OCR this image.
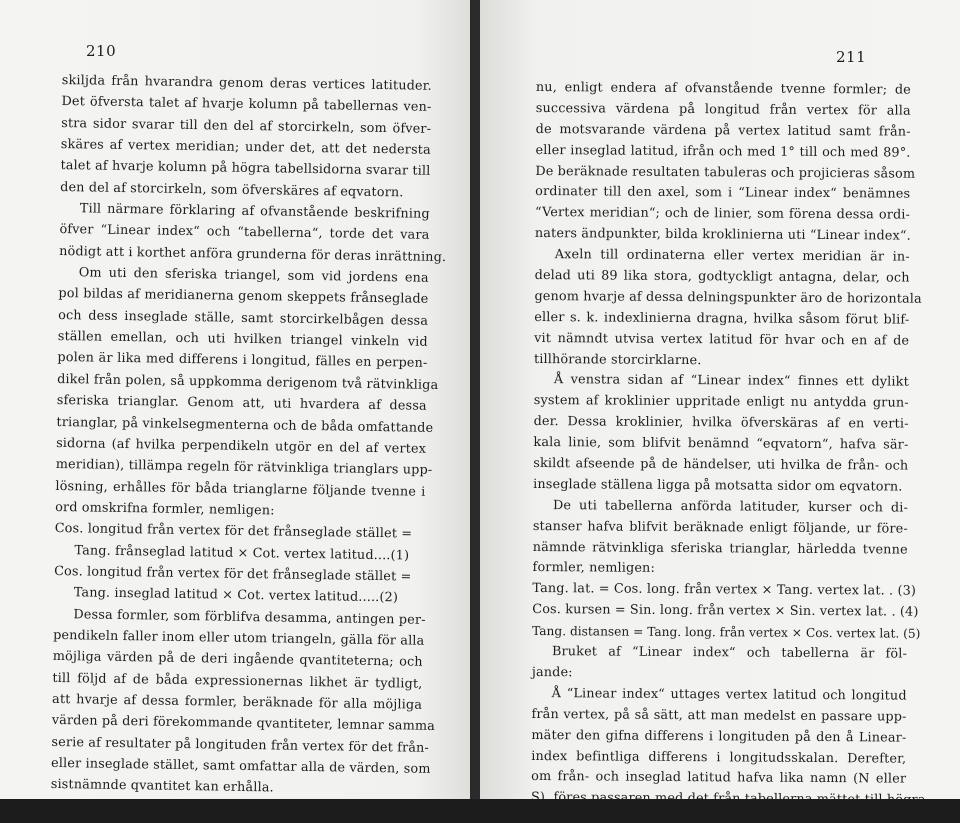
210
skiljda från hvarandra genom deras vertices latituder.
Det öfversta talet af hvarje kolumn på tabellernas ven-
stra sidor svarar till den del af storcirkeln, som öfver-
skäres af vertex meridian; under det, att det nedersta
talet af hvarje kolumn på högra tabellsidorna svarar till
den del af storcirkeln, som öfverskäres af eqvatorn.
Till närmare förklaring af ofvanstående beskrifning
öfver “Linear index“ och “tabellerna“, torde det vara
nödigt att i korthet anföra grunderna för deras inrättning.
Om uti den sferiska triangel, som vid jordens ena
pol bildas af meridianerna genom skeppets frånseglade
och dess inseglade ställe, samt storcirkelbågen dessa
ställen emellan, och uti hvilken triangel vinkeln vid
polen är lika med differens i longitud, fälles en perpen-
dikel från polen, så uppkomma derigenom två rätvinkliga
sferiska trianglar. Genom att, uti hvardera af dessa
trianglar, på vinkelsegmenterna och de båda omfattande
sidorna (af hvilka perpendikeln utgör en del af vertex
meridian), tillämpa regeln för rätvinkliga trianglars upp-
lösning, erhålles för båda trianglarne följande tvenne i
ord omskrifna formler, nemligen:
Cos. longitud från vertex för det frånseglade stället =
Tang. frånseglad latitud × Cot. vertex latitud....(1)
Cos. longitud från vertex för det frånseglade stället =
Tang. inseglad latitud × Cot. vertex latitud.....(2)
Dessa formler, som förblifva desamma, antingen per-
pendikeln faller inom eller utom triangeln, gälla för alla
möjliga värden på de deri ingående qvantiteterna; och
till följd af de båda expressionernas likhet är tydligt,
att hvarje af dessa formler, beräknade för alla möjliga
värden på deri förekommande qvantiteter, lemnar samma
serie af resultater på longituden från vertex för det från-
eller inseglade stället, samt omfattar alla de värden, som
sistnämnde qvantitet kan erhålla.
I och för konstruerandet af “Linear index“, beräknas
211
nu, enligt endera af ofvanstående tvenne formler; de
successiva värdena på longitud från vertex för alla
de motsvarande värdena på vertex latitud samt från-
eller inseglad latitud, ifrån och med 1° till och med 89°.
De beräknade resultaten tabuleras och projicieras såsom
ordinater till den axel, som i “Linear index“ benämnes
“Vertex meridian“; och de linier, som förena dessa ordi-
naters ändpunkter, bilda kroklinierna uti “Linear index“.
Axeln till ordinaterna eller vertex meridian är in-
delad uti 89 lika stora, godtyckligt antagna, delar, och
genom hvarje af dessa delningspunkter äro de horizontala
eller s. k. indexlinierna dragna, hvilka såsom förut blif-
vit nämndt utvisa vertex latitud för hvar och en af de
tillhörande storcirklarne.
Å venstra sidan af “Linear index“ finnes ett dylikt
system af kroklinier uppritade enligt nu antydda grun-
der. Dessa kroklinier, hvilka öfverskäras af en verti-
kala linie, som blifvit benämnd “eqvatorn“, hafva sär-
skildt afseende på de händelser, uti hvilka de från- och
inseglade ställena ligga på motsatta sidor om eqvatorn.
De uti tabellerna anförda latituder, kurser och di-
stanser hafva blifvit beräknade enligt följande, ur före-
nämnde rätvinkliga sferiska trianglar, härledda tvenne
formler, nemligen:
Tang. lat. = Cos. long. från vertex × Tang. vertex lat. . (3)
Cos. kursen = Sin. long. från vertex × Sin. vertex lat. . (4)
Tang. distansen = Tang. long. från vertex × Cos. vertex lat. (5)
Bruket af “Linear index“ och tabellerna är föl-
jande:
Å “Linear index“ uttages vertex latitud och longitud
från vertex, på så sätt, att man medelst en passare upp-
mäter den gifna differens i longituden på den å Linear-
index befintliga differens i longitudsskalan. Derefter,
om från- och inseglad latitud hafva lika namn (N eller
S), föres passaren med det från tabellerna mättet till högra
